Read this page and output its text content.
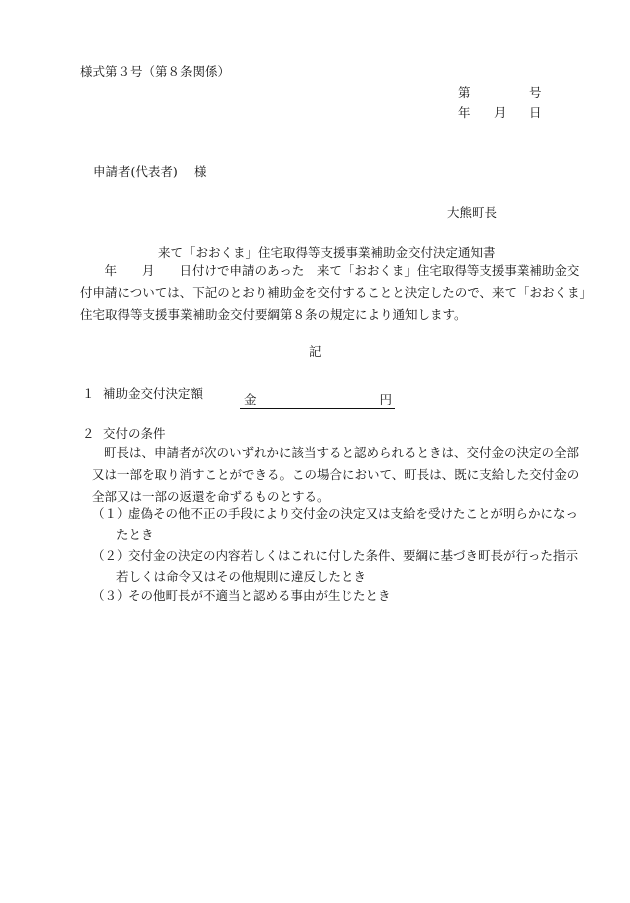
様式第３号（第８条関係）
第	号
年 月 日
申請者(代表者) 様
大熊町長
来て「おおくま」住宅取得等支援事業補助金交付決定通知書
　年　　月　　日付けで申請のあった　来て「おおくま」住宅取得等支援事業補助金交
付申請については、下記のとおり補助金を交付することと決定したので、来て「おおくま」
住宅取得等支援事業補助金交付要綱第８条の規定により通知します。
記
１ 補助金交付決定額	金	円
２ 交付の条件
町長は、申請者が次のいずれかに該当すると認められるときは、交付金の決定の全部
又は一部を取り消すことができる。この場合において、町長は、既に支給した交付金の
全部又は一部の返還を命ずるものとする。
（１）
虚偽その他不正の手段により交付金の決定又は支給を受けたことが明らかになっ
たとき
（２）
交付金の決定の内容若しくはこれに付した条件、要綱に基づき町長が行った指示
若しくは命令又はその他規則に違反したとき
（３）
その他町長が不適当と認める事由が生じたとき
